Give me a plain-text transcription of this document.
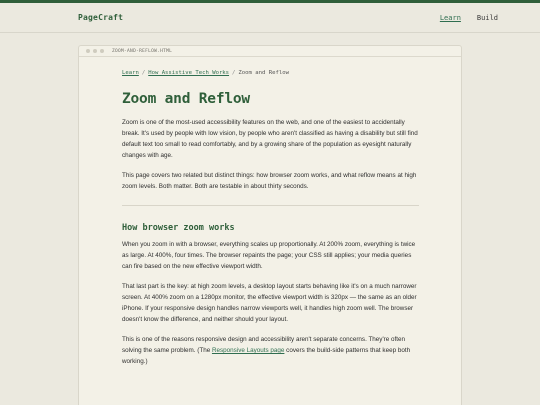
PageCraft	Learn Build
ZOOM-AND-REFLOW.HTML
Learn / How Assistive Tech Works / Zoom and Reflow
Zoom and Reflow

Zoom is one of the most-used accessibility features on the web, and one of the easiest to accidentally break. It's used by people with low vision, by people who aren't classified as having a disability but still find default text too small to read comfortably, and by a growing share of the population as eyesight naturally changes with age.

This page covers two related but distinct things: how browser zoom works, and what reflow means at high zoom levels. Both matter. Both are testable in about thirty seconds.

How browser zoom works

When you zoom in with a browser, everything scales up proportionally. At 200% zoom, everything is twice as large. At 400%, four times. The browser repaints the page; your CSS still applies; your media queries can fire based on the new effective viewport width.

That last part is the key: at high zoom levels, a desktop layout starts behaving like it's on a much narrower screen. At 400% zoom on a 1280px monitor, the effective viewport width is 320px — the same as an older iPhone. If your responsive design handles narrow viewports well, it handles high zoom well. The browser doesn't know the difference, and neither should your layout.

This is one of the reasons responsive design and accessibility aren't separate concerns. They're often solving the same problem. (The Responsive Layouts page covers the build-side patterns that keep both working.)
